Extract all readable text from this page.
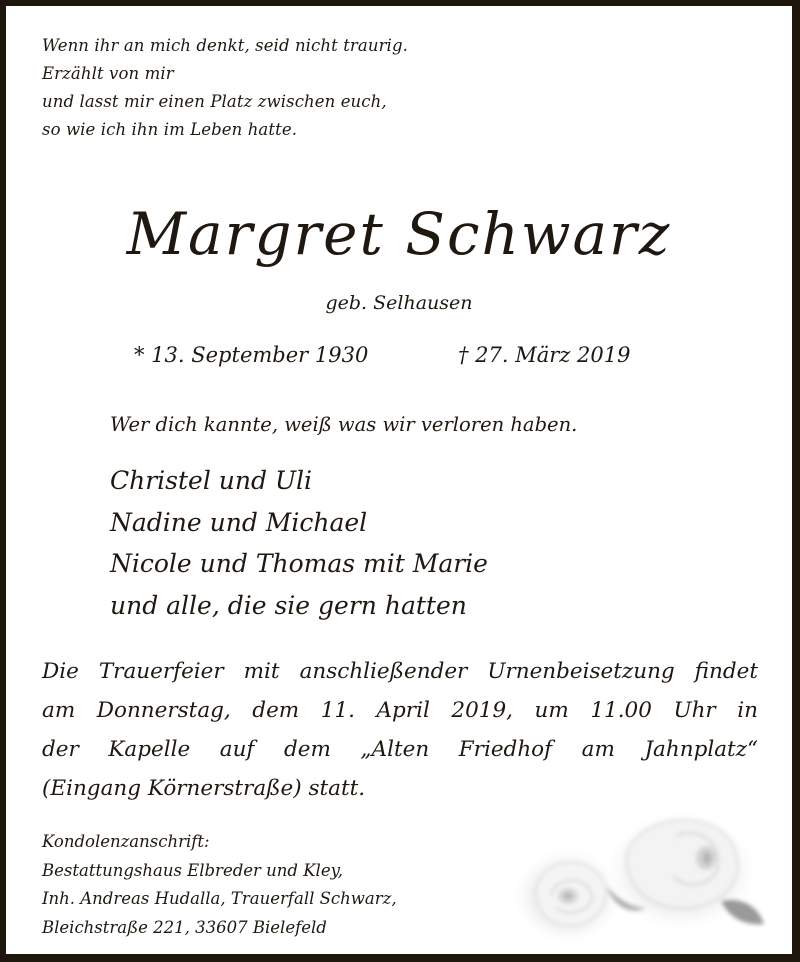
Wenn ihr an mich denkt, seid nicht traurig.
Erzählt von mir
und lasst mir einen Platz zwischen euch,
so wie ich ihn im Leben hatte.
Margret Schwarz
geb. Selhausen
* 13. September 1930	† 27. März 2019
Wer dich kannte, weiß was wir verloren haben.
Christel und Uli
Nadine und Michael
Nicole und Thomas mit Marie
und alle, die sie gern hatten
Die Trauerfeier mit anschließender Urnenbeisetzung findet
am Donnerstag, dem 11. April 2019, um 11.00 Uhr in
der Kapelle auf dem „Alten Friedhof am Jahnplatz“
(Eingang Körnerstraße) statt.
Kondolenzanschrift:
Bestattungshaus Elbreder und Kley,
Inh. Andreas Hudalla, Trauerfall Schwarz,
Bleichstraße 221, 33607 Bielefeld
